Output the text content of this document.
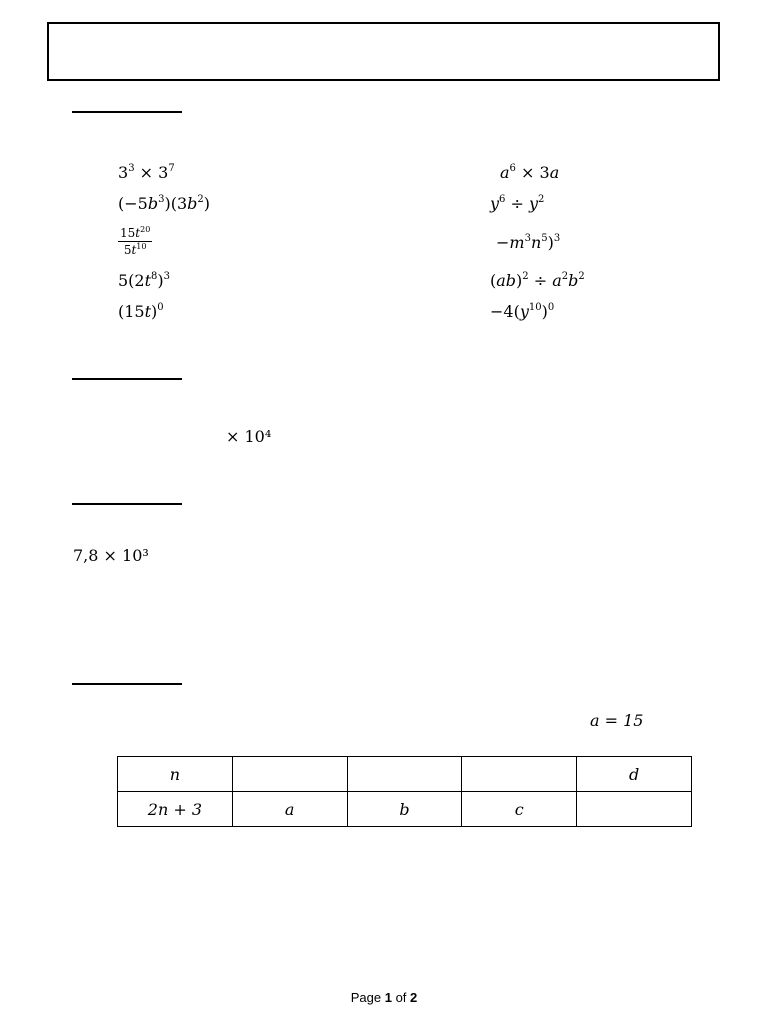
$3^3 \times 3^7$	$a^6 \times 3a$
$(-5b^3)(3b^2)$	$y^6 \div y^2$
$\frac{15t^{20}}{5t^{10}}$	$-m^3n^5)^3$
$5(2t^8)^3$	$(ab)^2 \div a^2b^2$
$(15t)^0$	$-4(y^{10})^0$
× 10⁴
7,8 × 10³
a = 15
n				d
2n + 3	a	b	c	
Page 1 of 2
